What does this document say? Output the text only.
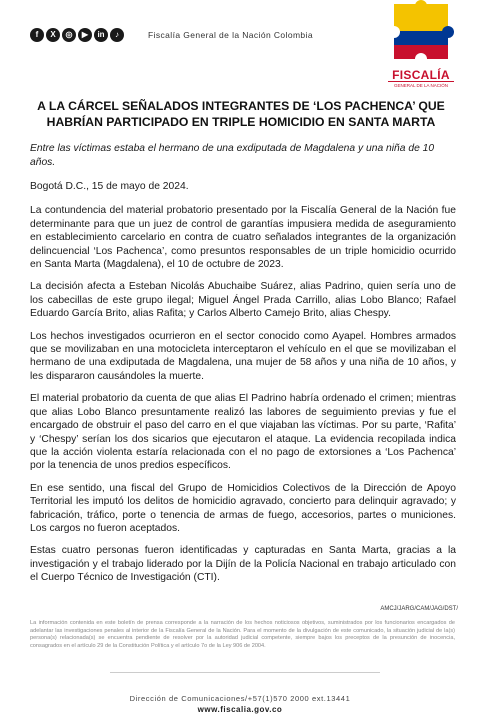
f	X	◎	▶	in	♪	Fiscalía General de la Nación Colombia
FISCALÍA
GENERAL DE LA NACIÓN
A LA CÁRCEL SEÑALADOS INTEGRANTES DE ‘LOS PACHENCA’ QUE HABRÍAN PARTICIPADO EN TRIPLE HOMICIDIO EN SANTA MARTA
Entre las víctimas estaba el hermano de una exdiputada de Magdalena y una niña de 10 años.

Bogotá D.C., 15 de mayo de 2024.

La contundencia del material probatorio presentado por la Fiscalía General de la Nación fue determinante para que un juez de control de garantías impusiera medida de aseguramiento en establecimiento carcelario en contra de cuatro señalados integrantes de la organización delincuencial ‘Los Pachenca’, como presuntos responsables de un triple homicidio ocurrido en Santa Marta (Magdalena), el 10 de octubre de 2023.

La decisión afecta a Esteban Nicolás Abuchaibe Suárez, alias Padrino, quien sería uno de los cabecillas de este grupo ilegal; Miguel Ángel Prada Carrillo, alias Lobo Blanco; Rafael Eduardo García Brito, alias Rafita; y Carlos Alberto Camejo Brito, alias Chespy.

Los hechos investigados ocurrieron en el sector conocido como Ayapel. Hombres armados que se movilizaban en una motocicleta interceptaron el vehículo en el que se movilizaban el hermano de una exdiputada de Magdalena, una mujer de 58 años y una niña de 10 años, y les dispararon causándoles la muerte.

El material probatorio da cuenta de que alias El Padrino habría ordenado el crimen; mientras que alias Lobo Blanco presuntamente realizó las labores de seguimiento previas y fue el encargado de obstruir el paso del carro en el que viajaban las víctimas. Por su parte, ‘Rafita’ y ‘Chespy’ serían los dos sicarios que ejecutaron el ataque. La evidencia recopilada indica que la acción violenta estaría relacionada con el no pago de extorsiones a ‘Los Pachenca’ por la tenencia de unos predios específicos.

En ese sentido, una fiscal del Grupo de Homicidios Colectivos de la Dirección de Apoyo Territorial les imputó los delitos de homicidio agravado, concierto para delinquir agravado; y fabricación, tráfico, porte o tenencia de armas de fuego, accesorios, partes o municiones. Los cargos no fueron aceptados.

Estas cuatro personas fueron identificadas y capturadas en Santa Marta, gracias a la investigación y el trabajo liderado por la Dijín de la Policía Nacional en trabajo articulado con el Cuerpo Técnico de Investigación (CTI).

AMCJ/JARG/CAM/JAG/DST/
La información contenida en este boletín de prensa corresponde a la narración de los hechos noticiosos objetivos, suministrados por los funcionarios encargados de adelantar las investigaciones penales al interior de la Fiscalía General de la Nación. Para el momento de la divulgación de este comunicado, la situación judicial de la(s) persona(s) relacionada(s) se encuentra pendiente de resolver por la autoridad judicial competente, siempre bajos los preceptos de la presunción de inocencia, consagrados en el artículo 29 de la Constitución Política y el artículo 7o de la Ley 906 de 2004.
Dirección de Comunicaciones/+57(1)570 2000 ext.13441
www.fiscalia.gov.co
